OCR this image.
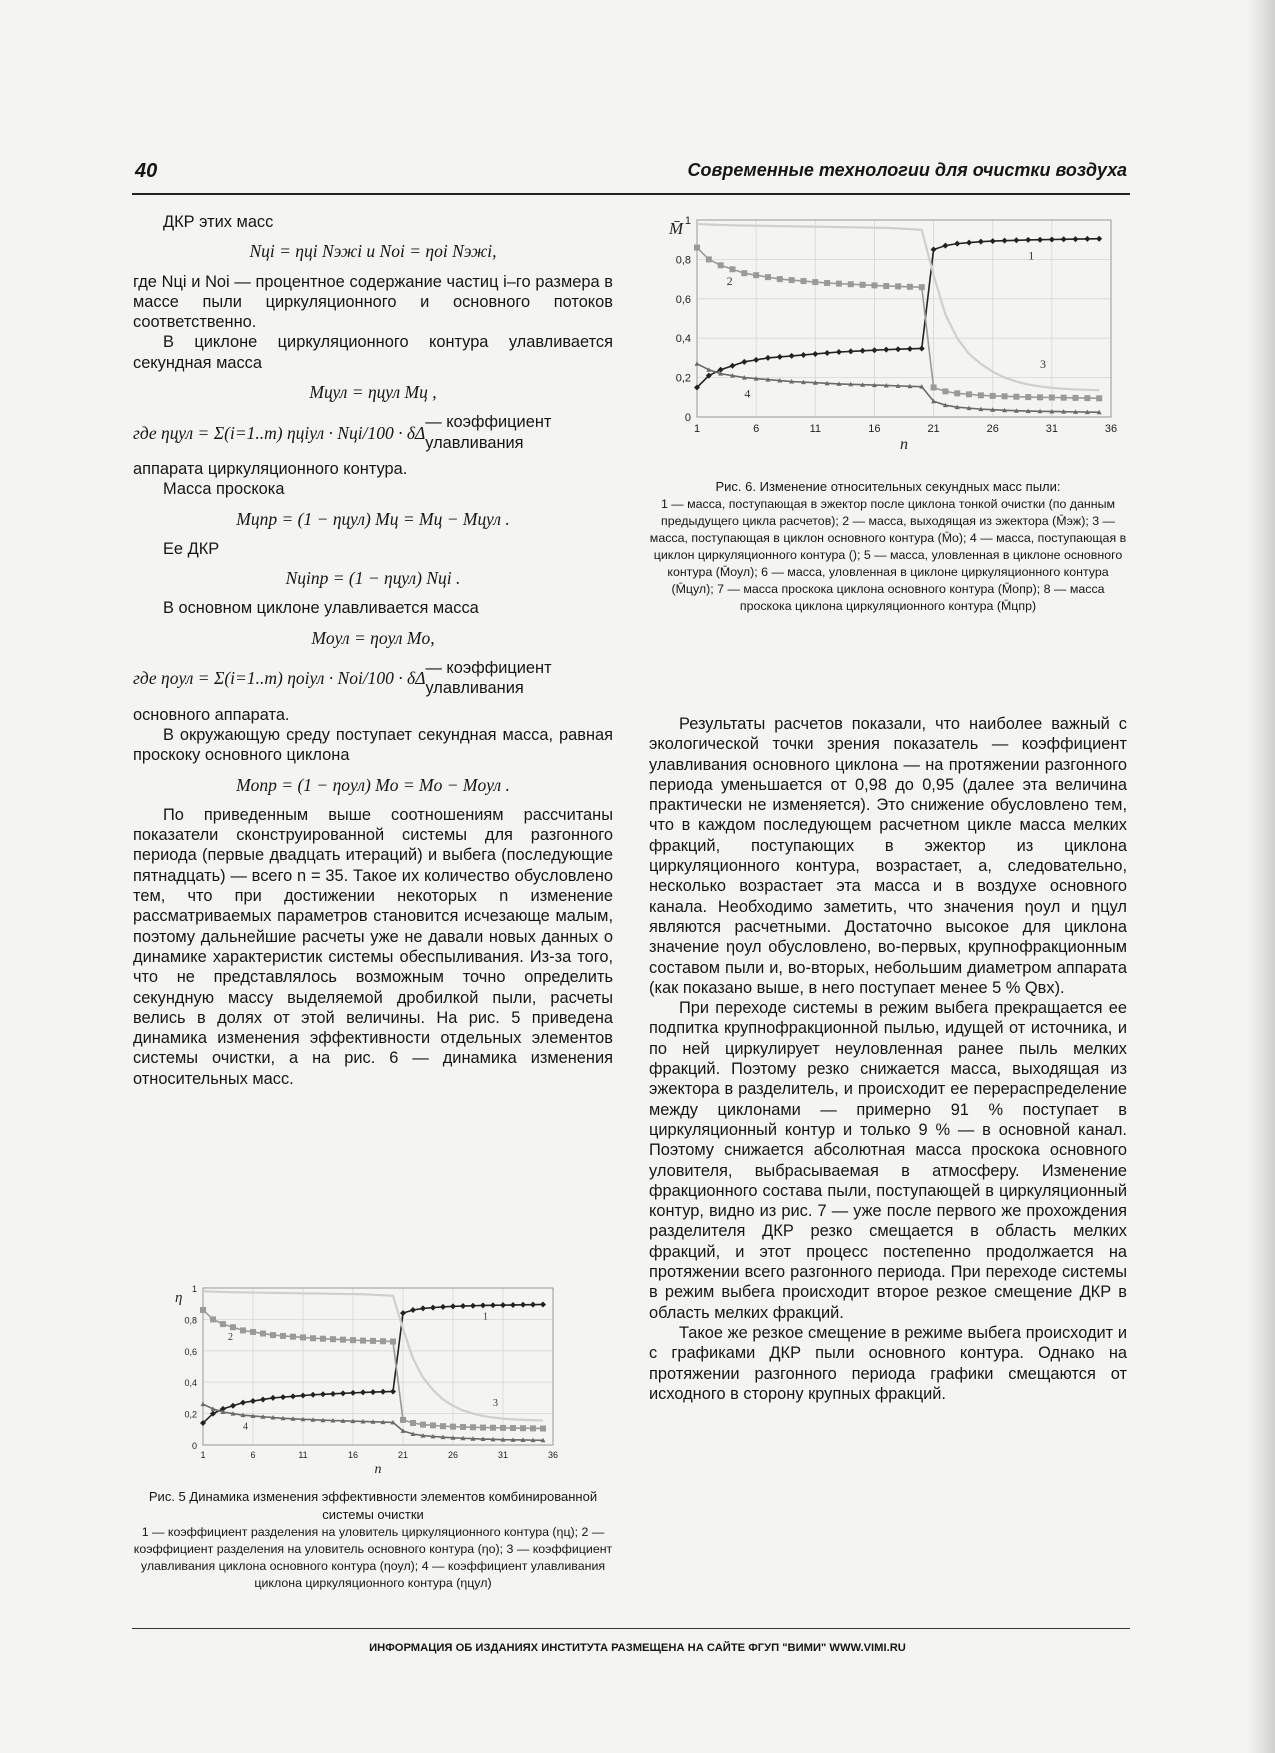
40	Современные технологии для очистки воздуха

ДКР этих масс

Nцi = ηцi Nэжi и Noi = ηoi Nэжi,

где Nцi и Noi — процентное содержание частиц i–го размера в массе пыли циркуляционного и основного потоков соответственно.

В циклоне циркуляционного контура улавливается секундная масса

Mцул = ηцул Mц ,
где ηцул = Σ(i=1..m) ηцiул · Nцi/100 · δΔ
— коэффициент улавливания

аппарата циркуляционного контура.

Масса проскока

Mцпр = (1 − ηцул) Mц = Mц − Mцул .

Ее ДКР

Nцiпр = (1 − ηцул) Nцi .

В основном циклоне улавливается масса

Moул = ηoул Mo,
где ηoул = Σ(i=1..m) ηoiул · Noi/100 · δΔ
— коэффициент улавливания

основного аппарата.

В окружающую среду поступает секундная масса, равная проскоку основного циклона

Moпр = (1 − ηoул) Mo = Mo − Moул .

По приведенным выше соотношениям рассчитаны показатели сконструированной системы для разгонного периода (первые двадцать итераций) и выбега (последующие пятнадцать) — всего n = 35. Такое их количество обусловлено тем, что при достижении некоторых n изменение рассматриваемых параметров становится исчезающе малым, поэтому дальнейшие расчеты уже не давали новых данных о динамике характеристик системы обеспыливания. Из-за того, что не представлялось возможным точно определить секундную массу выделяемой дробилкой пыли, расчеты велись в долях от этой величины. На рис. 5 приведена динамика изменения эффективности отдельных элементов системы очистки, а на рис. 6 — динамика изменения относительных масс.

0
0,2
0,4
0,6
0,8
1
1	6	11	16	21	26	31	36
η
n
1
2
3
4
Рис. 5 Динамика изменения эффективности элементов комбинированной системы очистки
1 — коэффициент разделения на уловитель циркуляционного контура (ηц); 2 — коэффициент разделения на уловитель основного контура (ηо); 3 — коэффициент улавливания циклона основного контура (ηоул); 4 — коэффициент улавливания циклона циркуляционного контура (ηцул)
0
0,2
0,4
0,6
0,8
1
1	6	11	16	21	26	31	36
M̄
n
1
2
3
4
Рис. 6. Изменение относительных секундных масс пыли:
1 — масса, поступающая в эжектор после циклона тонкой очистки (по данным предыдущего цикла расчетов); 2 — масса, выходящая из эжектора (M̄эж); 3 — масса, поступающая в циклон основного контура (M̄о); 4 — масса, поступающая в циклон циркуляционного контура (); 5 — масса, уловленная в циклоне основного контура (M̄оул); 6 — масса, уловленная в циклоне циркуляционного контура (M̄цул); 7 — масса проскока циклона основного контура (M̄опр); 8 — масса проскока циклона циркуляционного контура (M̄цпр)

Результаты расчетов показали, что наиболее важный с экологической точки зрения показатель — коэффициент улавливания основного циклона — на протяжении разгонного периода уменьшается от 0,98 до 0,95 (далее эта величина практически не изменяется). Это снижение обусловлено тем, что в каждом последующем расчетном цикле масса мелких фракций, поступающих в эжектор из циклона циркуляционного контура, возрастает, а, следовательно, несколько возрастает эта масса и в воздухе основного канала. Необходимо заметить, что значения ηoул и ηцул являются расчетными. Достаточно высокое для циклона значение ηoул обусловлено, во-первых, крупнофракционным составом пыли и, во-вторых, небольшим диаметром аппарата (как показано выше, в него поступает менее 5 % Qвх).

При переходе системы в режим выбега прекращается ее подпитка крупнофракционной пылью, идущей от источника, и по ней циркулирует неуловленная ранее пыль мелких фракций. Поэтому резко снижается масса, выходящая из эжектора в разделитель, и происходит ее перераспределение между циклонами — примерно 91 % поступает в циркуляционный контур и только 9 % — в основной канал. Поэтому снижается абсолютная масса проскока основного уловителя, выбрасываемая в атмосферу. Изменение фракционного состава пыли, поступающей в циркуляционный контур, видно из рис. 7 — уже после первого же прохождения разделителя ДКР резко смещается в область мелких фракций, и этот процесс постепенно продолжается на протяжении всего разгонного периода. При переходе системы в режим выбега происходит второе резкое смещение ДКР в область мелких фракций.

Такое же резкое смещение в режиме выбега происходит и с графиками ДКР пыли основного контура. Однако на протяжении разгонного периода графики смещаются от исходного в сторону крупных фракций.

ИНФОРМАЦИЯ ОБ ИЗДАНИЯХ ИНСТИТУТА РАЗМЕЩЕНА НА САЙТЕ ФГУП "ВИМИ" WWW.VIMI.RU
